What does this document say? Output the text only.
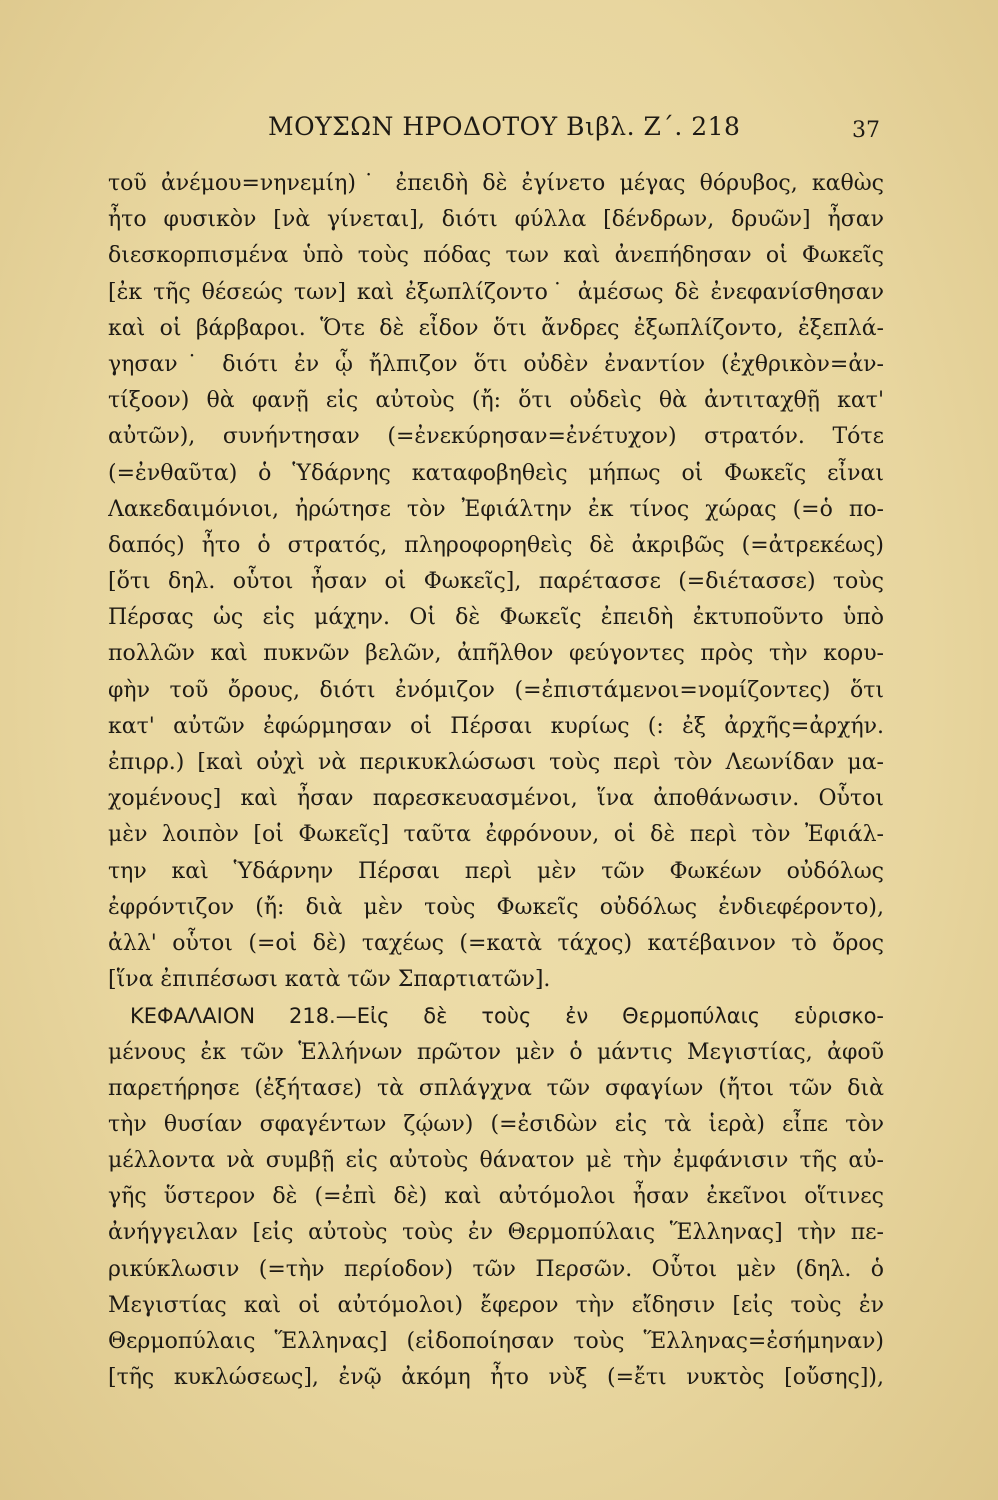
ΜΟΥΣΩΝ ΗΡΟΔΟΤΟΥ Βιβλ. Ζ΄. 218	37
τοῦ ἀνέμου=νηνεμίη)˙ ἐπειδὴ δὲ ἐγίνετο μέγας θόρυβος, καθὼς
ἦτο φυσικὸν [νὰ γίνεται], διότι φύλλα [δένδρων, δρυῶν] ἦσαν
διεσκορπισμένα ὑπὸ τοὺς πόδας των καὶ ἀνεπήδησαν οἱ Φωκεῖς
[ἐκ τῆς θέσεώς των] καὶ ἐξωπλίζοντο˙ ἀμέσως δὲ ἐνεφανίσθησαν
καὶ οἱ βάρβαροι. Ὅτε δὲ εἶδον ὅτι ἄνδρες ἐξωπλίζοντο, ἐξεπλά-
γησαν˙ διότι ἐν ᾧ ἤλπιζον ὅτι οὐδὲν ἐναντίον (ἐχθρικὸν=ἀν-
τίξοον) θὰ φανῇ εἰς αὐτοὺς (ἤ: ὅτι οὐδεὶς θὰ ἀντιταχθῇ κατ'
αὐτῶν), συνήντησαν (=ἐνεκύρησαν=ἐνέτυχον) στρατόν. Τότε
(=ἐνθαῦτα) ὁ Ὑδάρνης καταφοβηθεὶς μήπως οἱ Φωκεῖς εἶναι
Λακεδαιμόνιοι, ἠρώτησε τὸν Ἐφιάλτην ἐκ τίνος χώρας (=ὁ πο-
δαπός) ἦτο ὁ στρατός, πληροφορηθεὶς δὲ ἀκριβῶς (=ἀτρεκέως)
[ὅτι δηλ. οὗτοι ἦσαν οἱ Φωκεῖς], παρέτασσε (=διέτασσε) τοὺς
Πέρσας ὡς εἰς μάχην. Οἱ δὲ Φωκεῖς ἐπειδὴ ἐκτυποῦντο ὑπὸ
πολλῶν καὶ πυκνῶν βελῶν, ἀπῆλθον φεύγοντες πρὸς τὴν κορυ-
φὴν τοῦ ὄρους, διότι ἐνόμιζον (=ἐπιστάμενοι=νομίζοντες) ὅτι
κατ' αὐτῶν ἐφώρμησαν οἱ Πέρσαι κυρίως (: ἐξ ἀρχῆς=ἀρχήν.
ἐπιρρ.) [καὶ οὐχὶ νὰ περικυκλώσωσι τοὺς περὶ τὸν Λεωνίδαν μα-
χομένους] καὶ ἦσαν παρεσκευασμένοι, ἵνα ἀποθάνωσιν. Οὗτοι
μὲν λοιπὸν [οἱ Φωκεῖς] ταῦτα ἐφρόνουν, οἱ δὲ περὶ τὸν Ἐφιάλ-
την καὶ Ὑδάρνην Πέρσαι περὶ μὲν τῶν Φωκέων οὐδόλως
ἐφρόντιζον (ἤ: διὰ μὲν τοὺς Φωκεῖς οὐδόλως ἐνδιεφέροντο),
ἀλλ' οὗτοι (=οἱ δὲ) ταχέως (=κατὰ τάχος) κατέβαινον τὸ ὄρος
[ἵνα ἐπιπέσωσι κατὰ τῶν Σπαρτιατῶν].
ΚΕΦΑΛΑΙΟΝ 218.—Εἰς δὲ τοὺς ἐν Θερμοπύλαις εὑρισκο-
μένους ἐκ τῶν Ἑλλήνων πρῶτον μὲν ὁ μάντις Μεγιστίας, ἀφοῦ
παρετήρησε (ἐξήτασε) τὰ σπλάγχνα τῶν σφαγίων (ἤτοι τῶν διὰ
τὴν θυσίαν σφαγέντων ζῴων) (=ἐσιδὼν εἰς τὰ ἱερὰ) εἶπε τὸν
μέλλοντα νὰ συμβῇ εἰς αὐτοὺς θάνατον μὲ τὴν ἐμφάνισιν τῆς αὐ-
γῆς ὕστερον δὲ (=ἐπὶ δὲ) καὶ αὐτόμολοι ἦσαν ἐκεῖνοι οἵτινες
ἀνήγγειλαν [εἰς αὐτοὺς τοὺς ἐν Θερμοπύλαις Ἕλληνας] τὴν πε-
ρικύκλωσιν (=τὴν περίοδον) τῶν Περσῶν. Οὗτοι μὲν (δηλ. ὁ
Μεγιστίας καὶ οἱ αὐτόμολοι) ἔφερον τὴν εἴδησιν [εἰς τοὺς ἐν
Θερμοπύλαις Ἕλληνας] (εἰδοποίησαν τοὺς Ἕλληνας=ἐσήμηναν)
[τῆς κυκλώσεως], ἐνῷ ἀκόμη ἦτο νὺξ (=ἔτι νυκτὸς [οὔσης]),
